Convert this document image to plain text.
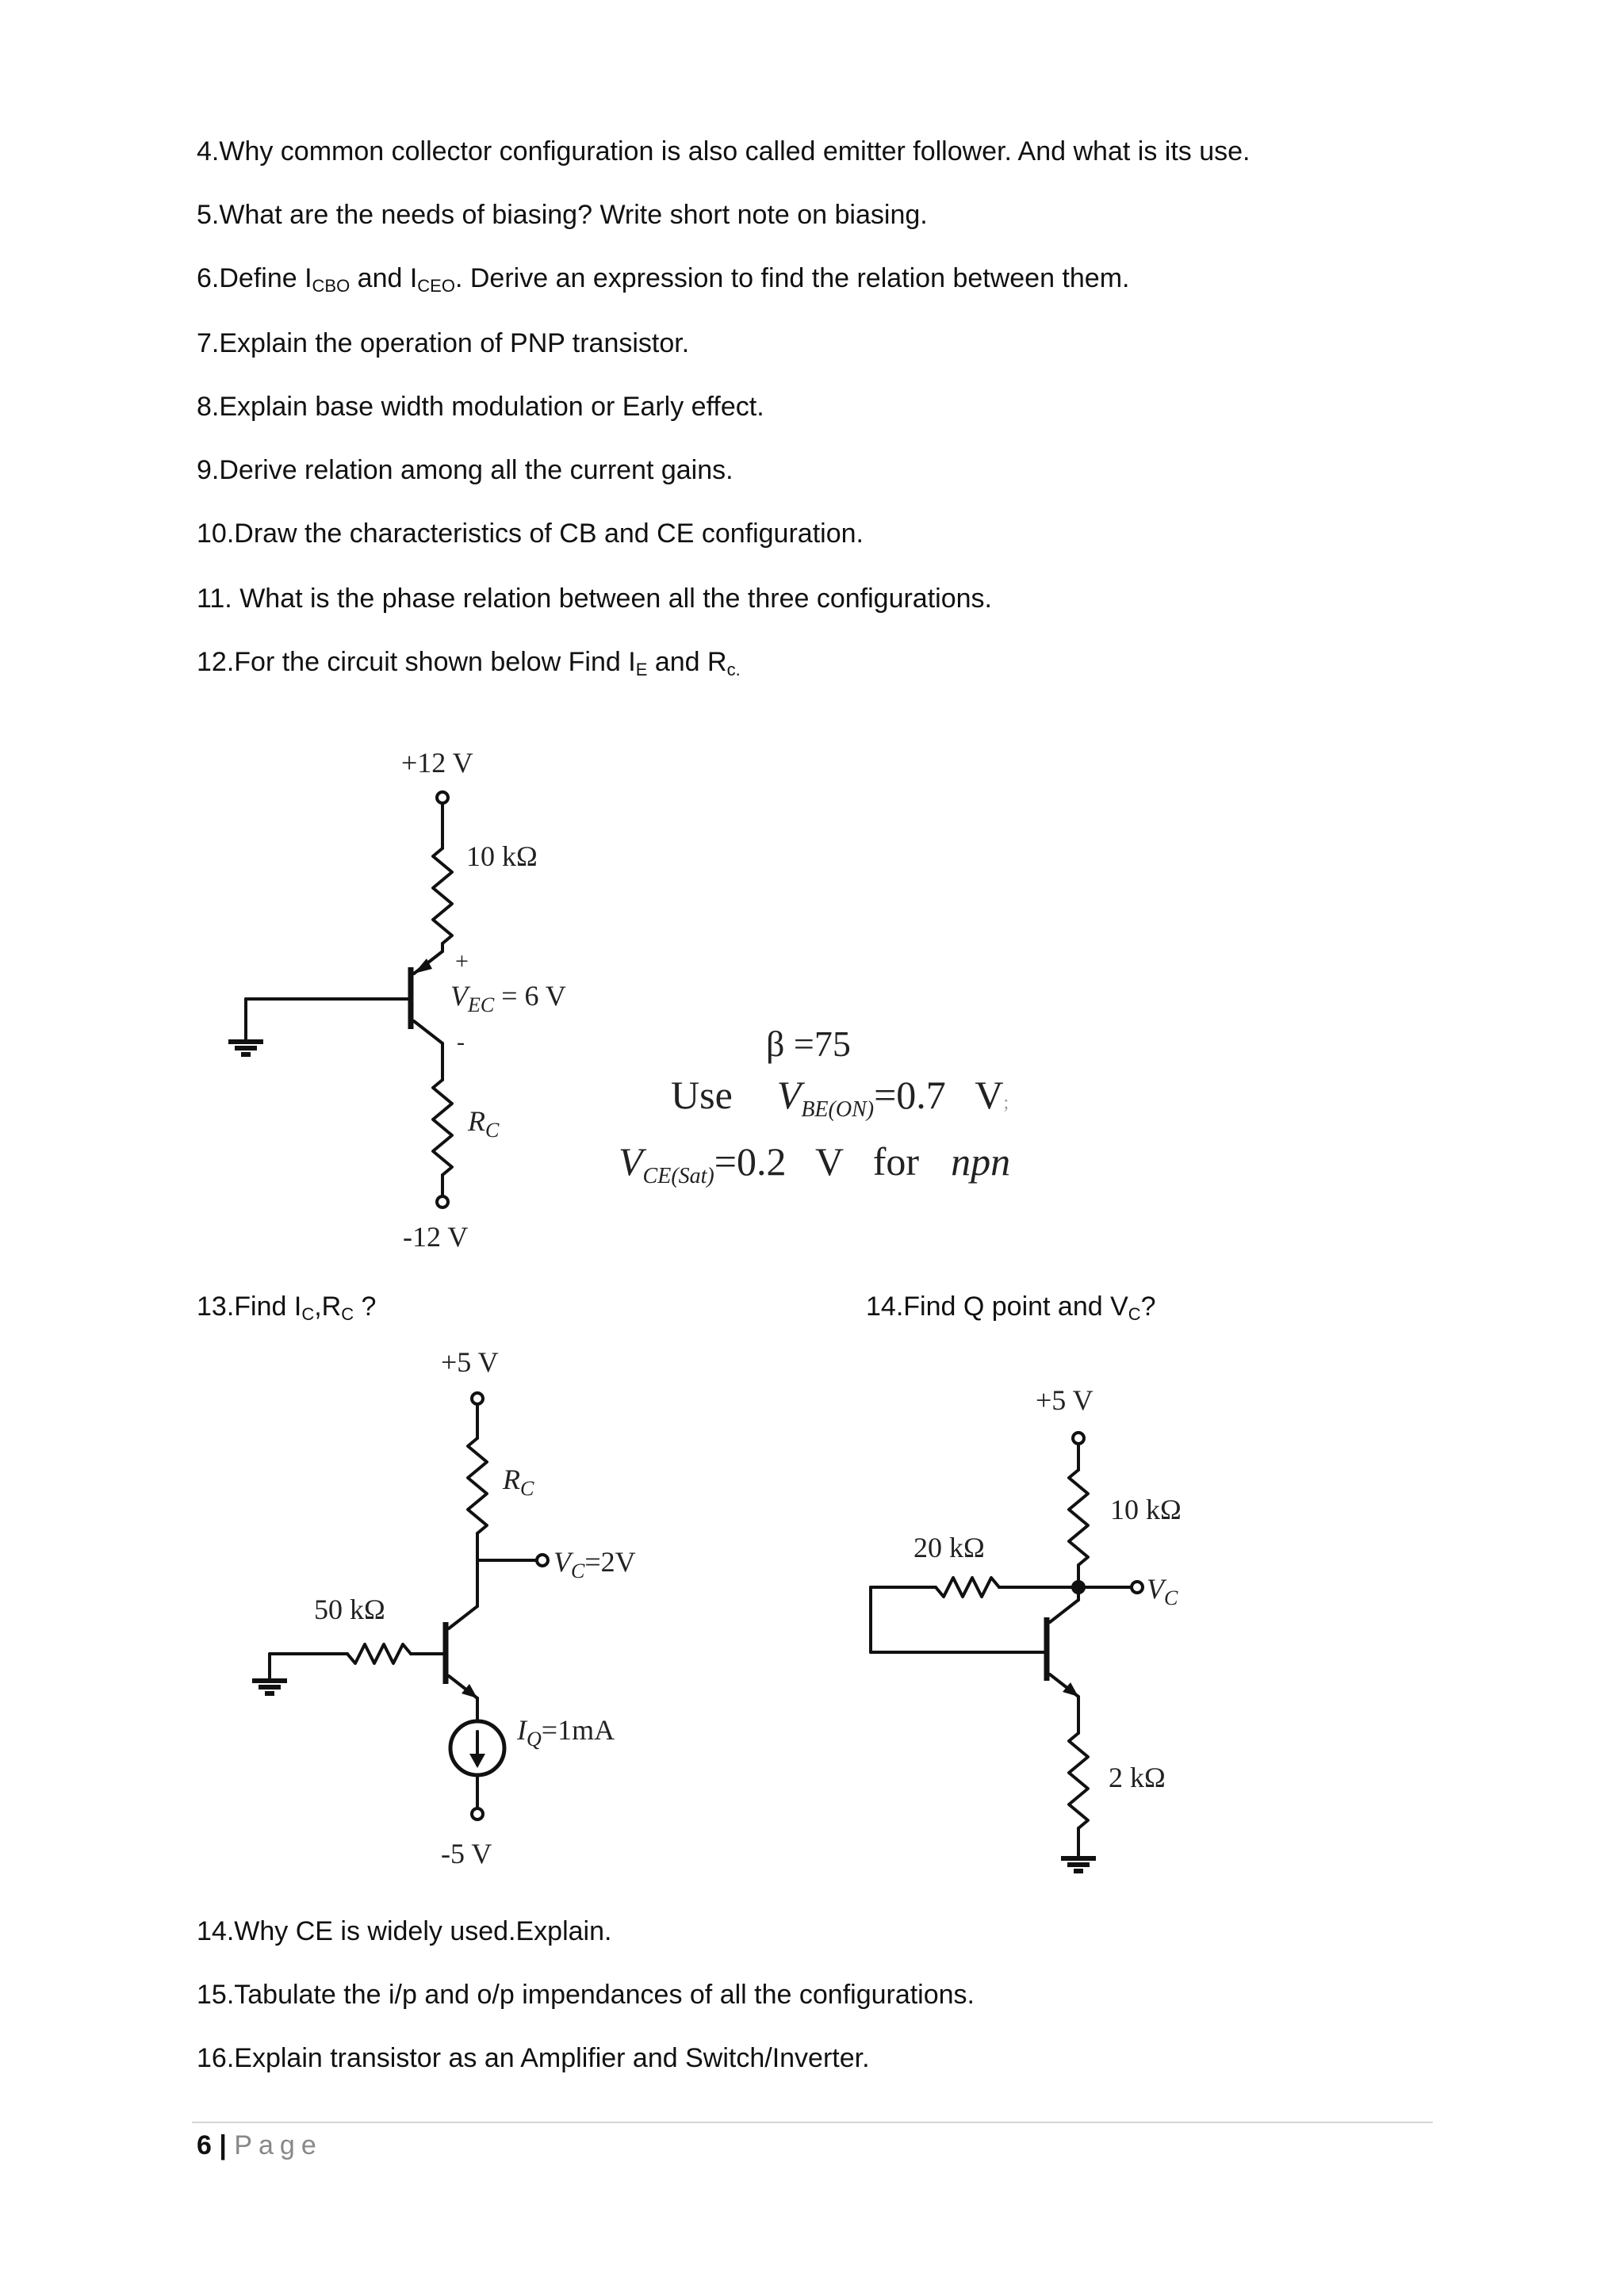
4.Why common collector configuration is also called emitter follower. And what is its use.
5.What are the needs of biasing? Write short note on biasing.
6.Define $I_{CBO}$ and $I_{CEO}$. Derive an expression to find the relation between them.
7.Explain the operation of PNP transistor.
8.Explain base width modulation or Early effect.
9.Derive relation among all the current gains.
10.Draw the characteristics of CB and CE configuration.
11. What is the phase relation between all the three configurations.
12.For the circuit shown below Find $I_E$ and $R_{c.}$
+12 V
10 kΩ
+
$V_{EC} = 6$ V
-
$R_C$
-12 V
β =75
Use $V_{BE(ON)}=0.7$   V;
$V_{CE(Sat)}=0.2$   V   for npn
13.Find $I_C,R_C$ ?	14.Find Q point and $V_C$?
+5 V
$R_C$
$V_C=2V$
50 kΩ
$I_Q=1mA$
-5 V
+5 V
10 kΩ
$V_C$
20 kΩ
2 kΩ
14.Why CE is widely used.Explain.
15.Tabulate the i/p and o/p impendances of all the configurations.
16.Explain transistor as an Amplifier and Switch/Inverter.
6 | Page
